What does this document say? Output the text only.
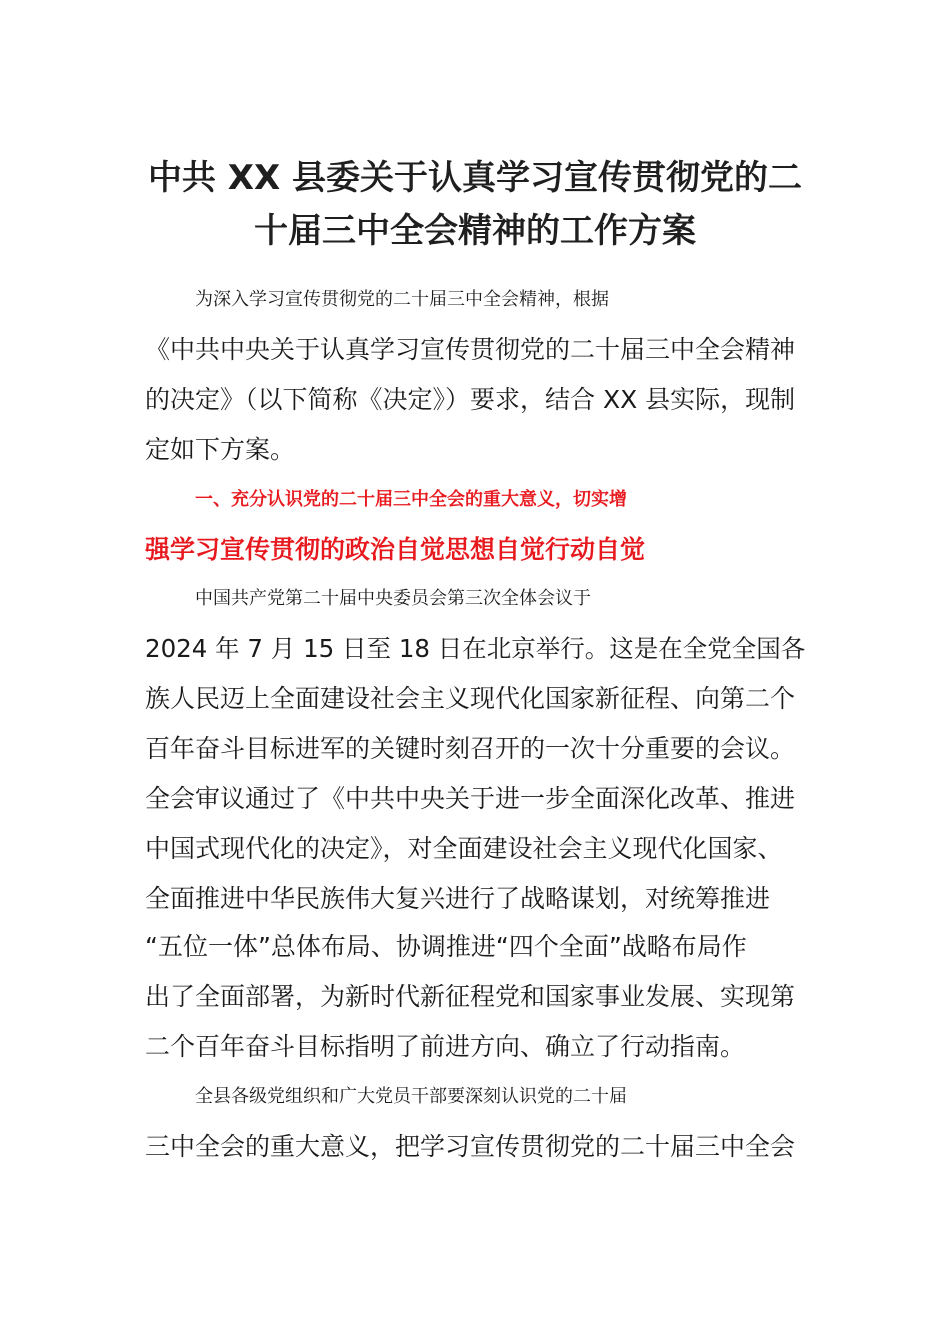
中共 XX 县委关于认真学习宣传贯彻党的二
十届三中全会精神的工作方案

为深入学习宣传贯彻党的二十届三中全会精神，根据

《中共中央关于认真学习宣传贯彻党的二十届三中全会精神

的决定》（以下简称《决定》）要求，结合 XX 县实际，现制

定如下方案。

一、充分认识党的二十届三中全会的重大意义，切实增

强学习宣传贯彻的政治自觉思想自觉行动自觉

中国共产党第二十届中央委员会第三次全体会议于

2024 年 7 月 15 日至 18 日在北京举行。这是在全党全国各

族人民迈上全面建设社会主义现代化国家新征程、向第二个

百年奋斗目标进军的关键时刻召开的一次十分重要的会议。

全会审议通过了《中共中央关于进一步全面深化改革、推进

中国式现代化的决定》，对全面建设社会主义现代化国家、

全面推进中华民族伟大复兴进行了战略谋划，对统筹推进

“五位一体”总体布局、协调推进“四个全面”战略布局作

出了全面部署，为新时代新征程党和国家事业发展、实现第

二个百年奋斗目标指明了前进方向、确立了行动指南。

全县各级党组织和广大党员干部要深刻认识党的二十届

三中全会的重大意义，把学习宣传贯彻党的二十届三中全会
